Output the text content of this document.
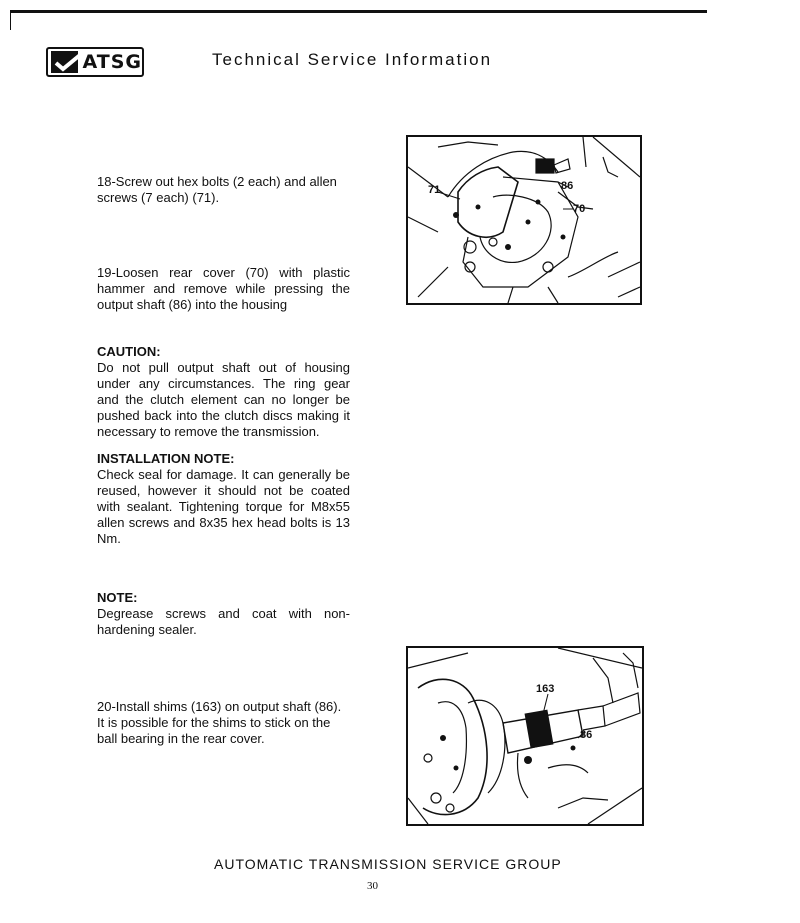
ATSG	Technical Service Information
18-Screw out hex bolts (2 each) and allen screws (7 each) (71).
19-Loosen rear cover (70) with plastic hammer and remove while pressing the output shaft (86) into the housing
CAUTION:
Do not pull output shaft out of housing under any circumstances. The ring gear and the clutch element can no longer be pushed back into the clutch discs making it necessary to remove the transmission.
INSTALLATION NOTE:
Check seal for damage. It can generally be reused, however it should not be coated with sealant. Tightening torque for M8x55 allen screws and 8x35 hex head bolts is 13 Nm.
NOTE:
Degrease screws and coat with non-hardening sealer.
20-Install shims (163) on output shaft (86). It is possible for the shims to stick on the ball bearing in the rear cover.
71	86
70
163
86
AUTOMATIC TRANSMISSION SERVICE GROUP
30
